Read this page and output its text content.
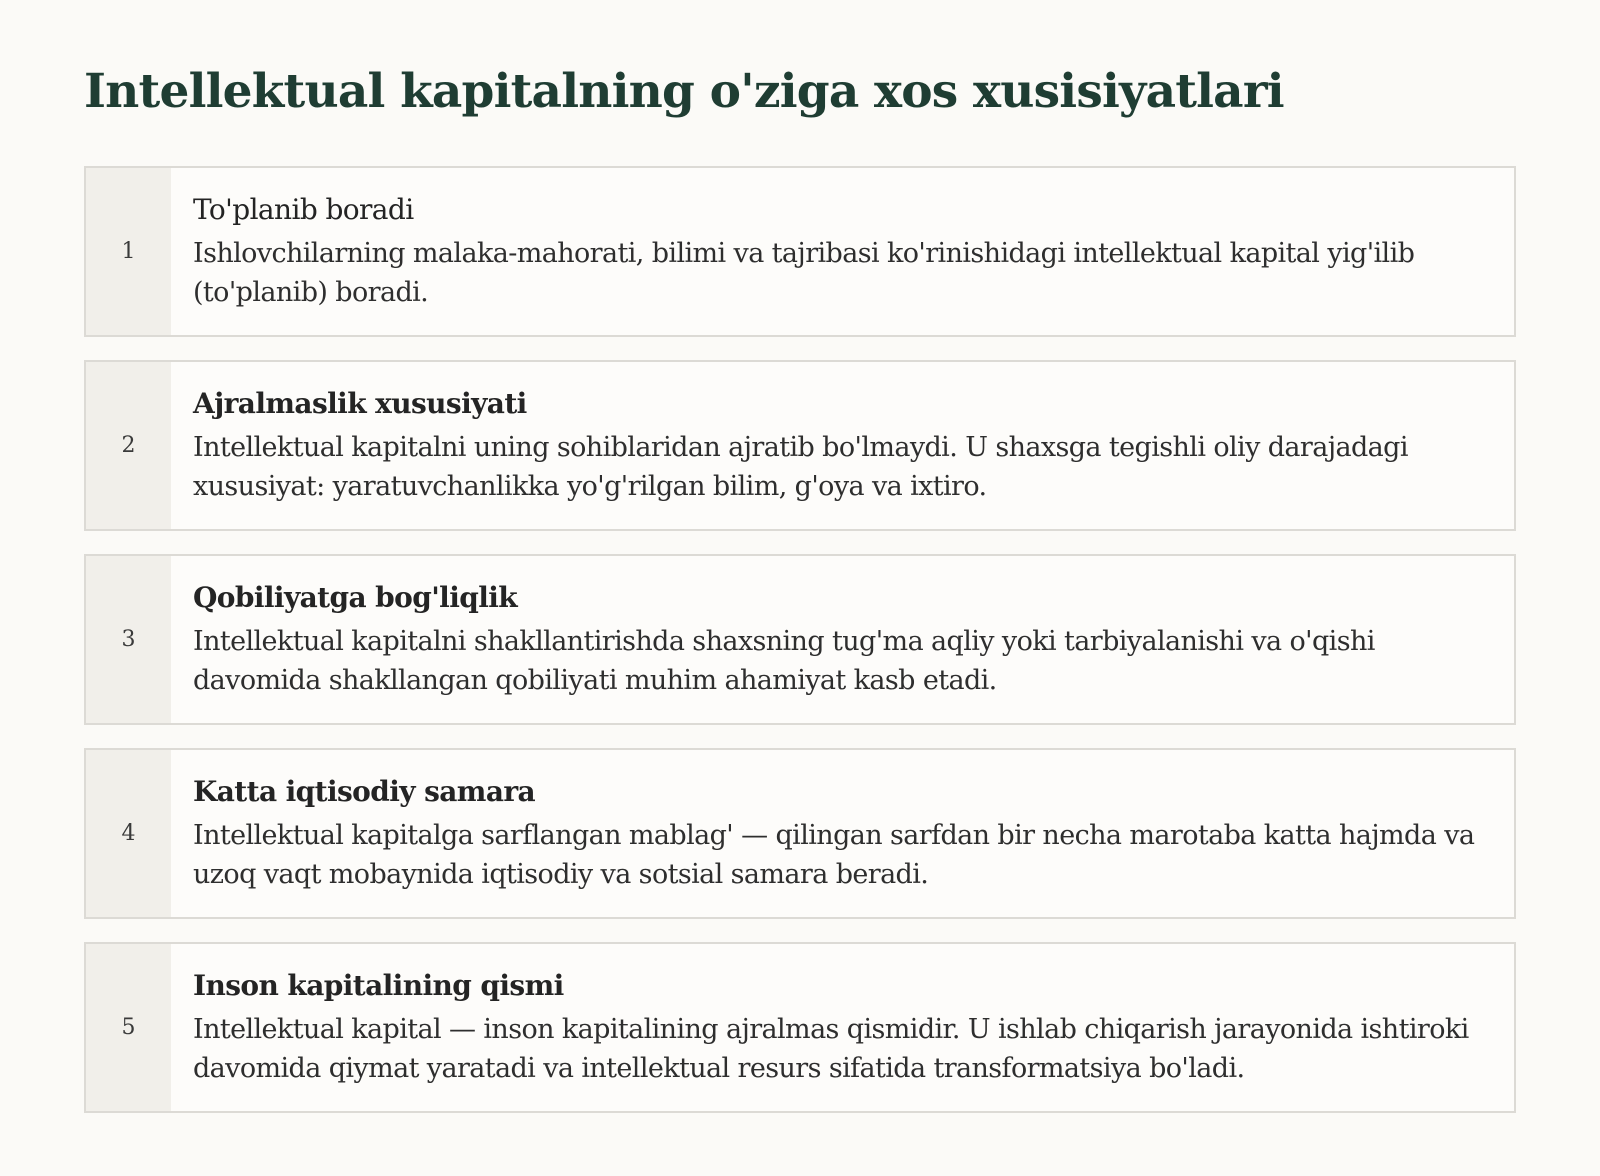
Intellektual kapitalning o'ziga xos xusisiyatlari
1
To'planib boradi
Ishlovchilarning malaka-mahorati, bilimi va tajribasi ko'rinishidagi intellektual kapital yig'ilib (to'planib) boradi.
2
Ajralmaslik xususiyati
Intellektual kapitalni uning sohiblaridan ajratib bo'lmaydi. U shaxsga tegishli oliy darajadagi xususiyat: yaratuvchanlikka yo'g'rilgan bilim, g'oya va ixtiro.
3
Qobiliyatga bog'liqlik
Intellektual kapitalni shakllantirishda shaxsning tug'ma aqliy yoki tarbiyalanishi va o'qishi davomida shakllangan qobiliyati muhim ahamiyat kasb etadi.
4
Katta iqtisodiy samara
Intellektual kapitalga sarflangan mablag' — qilingan sarfdan bir necha marotaba katta hajmda va uzoq vaqt mobaynida iqtisodiy va sotsial samara beradi.
5
Inson kapitalining qismi
Intellektual kapital — inson kapitalining ajralmas qismidir. U ishlab chiqarish jarayonida ishtiroki davomida qiymat yaratadi va intellektual resurs sifatida transformatsiya bo'ladi.
